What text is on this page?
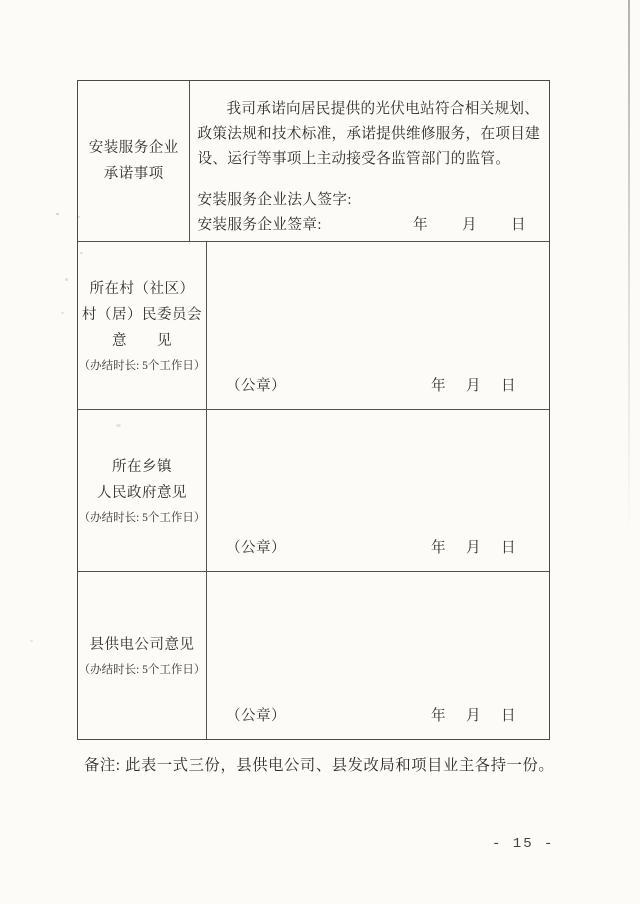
安装服务企业
承诺事项
我司承诺向居民提供的光伏电站符合相关规划、
政策法规和技术标准，承诺提供维修服务，在项目建
设、运行等事项上主动接受各监管部门的监管。
安装服务企业法人签字:
安装服务企业签章:	年 月 日
所在村（社区）
村（居）民委员会
意　　见
（办结时长: 5个工作日）
（公章）	年 月 日
所在乡镇
人民政府意见
（办结时长: 5个工作日）
（公章）	年 月 日
县供电公司意见
（办结时长: 5个工作日）
（公章）	年 月 日
备注: 此表一式三份，县供电公司、县发改局和项目业主各持一份。
- 15 -
